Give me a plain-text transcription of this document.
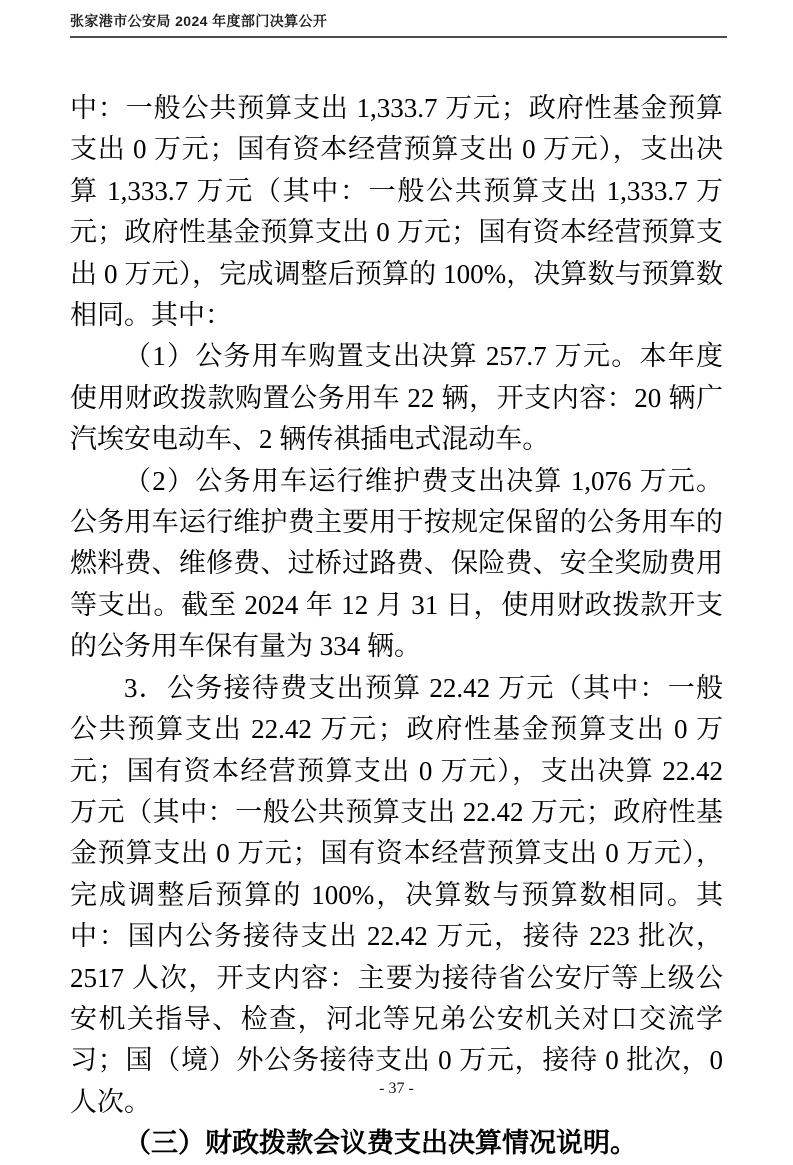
张家港市公安局 2024 年度部门决算公开

中：一般公共预算支出 1,333.7 万元；政府性基金预算支出 0 万元；国有资本经营预算支出 0 万元），支出决算 1,333.7 万元（其中：一般公共预算支出 1,333.7 万元；政府性基金预算支出 0 万元；国有资本经营预算支出 0 万元），完成调整后预算的 100%，决算数与预算数相同。其中：

（1）公务用车购置支出决算 257.7 万元。本年度使用财政拨款购置公务用车 22 辆，开支内容：20 辆广汽埃安电动车、2 辆传祺插电式混动车。

（2）公务用车运行维护费支出决算 1,076 万元。公务用车运行维护费主要用于按规定保留的公务用车的燃料费、维修费、过桥过路费、保险费、安全奖励费用等支出。截至 2024 年 12 月 31 日，使用财政拨款开支的公务用车保有量为 334 辆。

3．公务接待费支出预算 22.42 万元（其中：一般公共预算支出 22.42 万元；政府性基金预算支出 0 万元；国有资本经营预算支出 0 万元），支出决算 22.42 万元（其中：一般公共预算支出 22.42 万元；政府性基金预算支出 0 万元；国有资本经营预算支出 0 万元），完成调整后预算的 100%，决算数与预算数相同。其中：国内公务接待支出 22.42 万元，接待 223 批次，2517 人次，开支内容：主要为接待省公安厅等上级公安机关指导、检查，河北等兄弟公安机关对口交流学习；国（境）外公务接待支出 0 万元，接待 0 批次，0 人次。

（三）财政拨款会议费支出决算情况说明。

- 37 -
